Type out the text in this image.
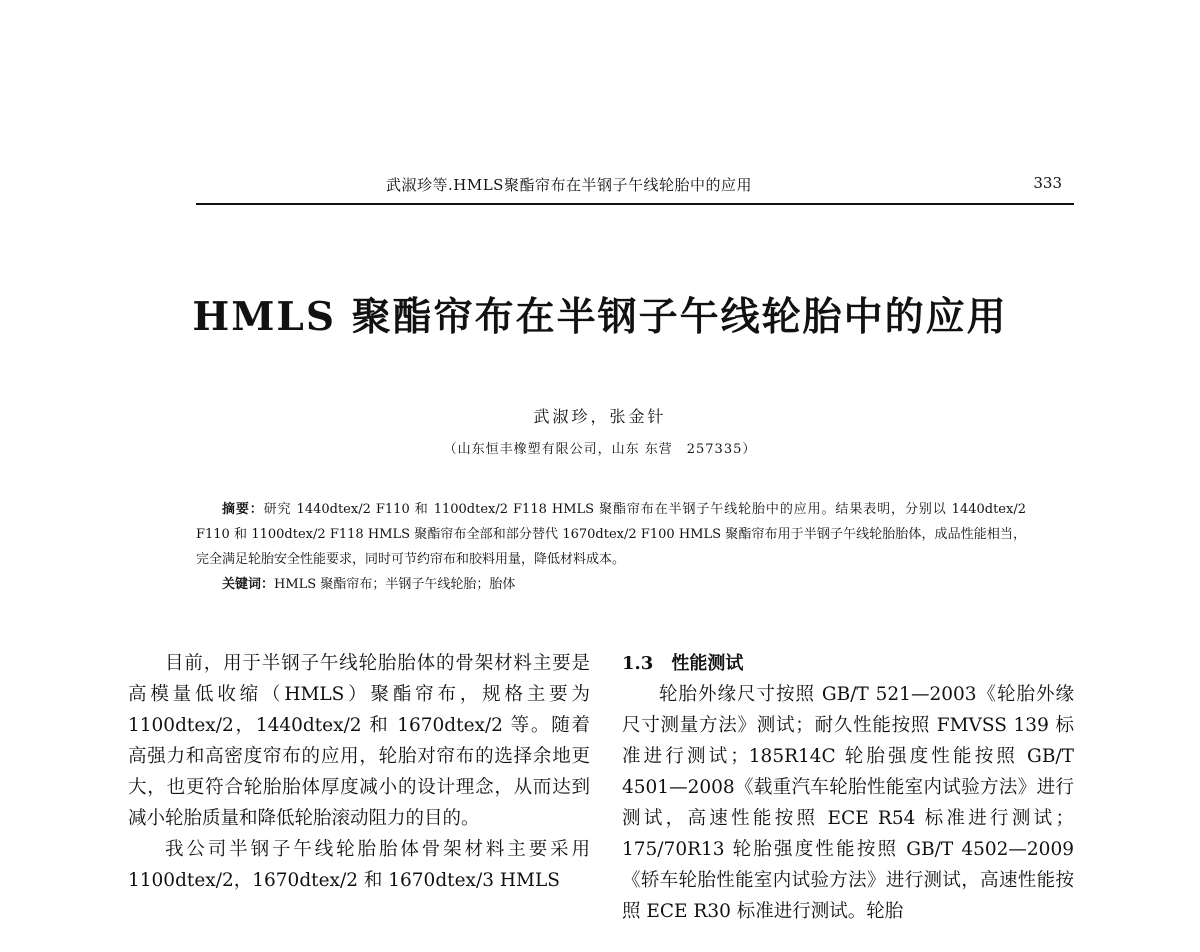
武淑珍等.HMLS聚酯帘布在半钢子午线轮胎中的应用	333
HMLS 聚酯帘布在半钢子午线轮胎中的应用
武淑珍，张金针
（山东恒丰橡塑有限公司，山东 东营　257335）

摘要：研究 1440dtex/2 F110 和 1100dtex/2 F118 HMLS 聚酯帘布在半钢子午线轮胎中的应用。结果表明，分别以 1440dtex/2 F110 和 1100dtex/2 F118 HMLS 聚酯帘布全部和部分替代 1670dtex/2 F100 HMLS 聚酯帘布用于半钢子午线轮胎胎体，成品性能相当，完全满足轮胎安全性能要求，同时可节约帘布和胶料用量，降低材料成本。

关键词：HMLS 聚酯帘布；半钢子午线轮胎；胎体

目前，用于半钢子午线轮胎胎体的骨架材料主要是高模量低收缩（HMLS）聚酯帘布，规格主要为 1100dtex/2，1440dtex/2 和 1670dtex/2 等。随着高强力和高密度帘布的应用，轮胎对帘布的选择余地更大，也更符合轮胎胎体厚度减小的设计理念，从而达到减小轮胎质量和降低轮胎滚动阻力的目的。

我公司半钢子午线轮胎胎体骨架材料主要采用 1100dtex/2，1670dtex/2 和 1670dtex/3 HMLS

1.3 性能测试

轮胎外缘尺寸按照 GB/T 521—2003《轮胎外缘尺寸测量方法》测试；耐久性能按照 FMVSS 139 标准进行测试；185R14C 轮胎强度性能按照 GB/T 4501—2008《载重汽车轮胎性能室内试验方法》进行测试，高速性能按照 ECE R54 标准进行测试；175/70R13 轮胎强度性能按照 GB/T 4502—2009《轿车轮胎性能室内试验方法》进行测试，高速性能按照 ECE R30 标准进行测试。轮胎
